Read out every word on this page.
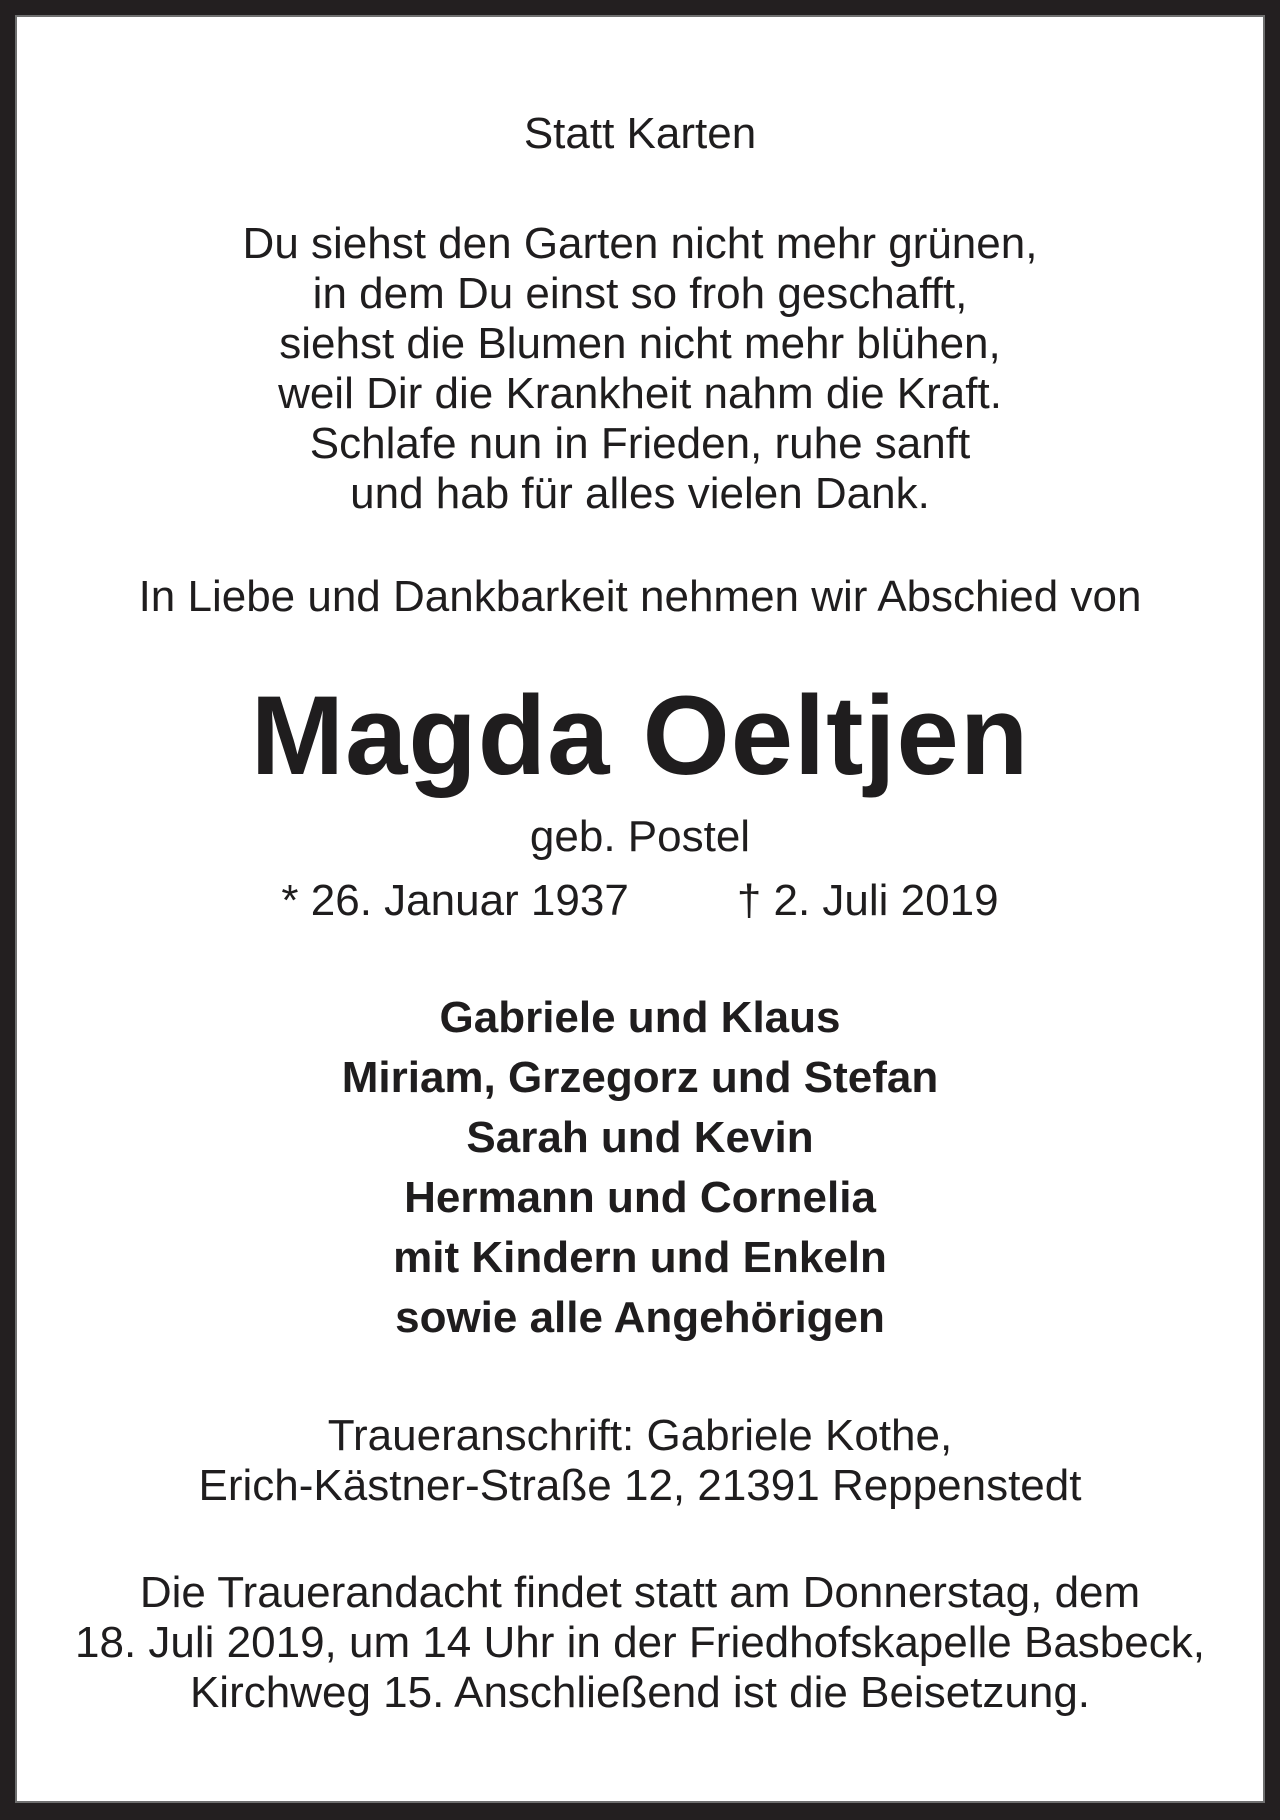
Statt Karten
Du siehst den Garten nicht mehr grünen,
in dem Du einst so froh geschafft,
siehst die Blumen nicht mehr blühen,
weil Dir die Krankheit nahm die Kraft.
Schlafe nun in Frieden, ruhe sanft
und hab für alles vielen Dank.
In Liebe und Dankbarkeit nehmen wir Abschied von
Magda Oeltjen
geb. Postel
* 26. Januar 1937 † 2. Juli 2019
Gabriele und Klaus
Miriam, Grzegorz und Stefan
Sarah und Kevin
Hermann und Cornelia
mit Kindern und Enkeln
sowie alle Angehörigen
Traueranschrift: Gabriele Kothe,
Erich-Kästner-Straße 12, 21391 Reppenstedt
Die Trauerandacht findet statt am Donnerstag, dem
18. Juli 2019, um 14 Uhr in der Friedhofskapelle Basbeck,
Kirchweg 15. Anschließend ist die Beisetzung.
